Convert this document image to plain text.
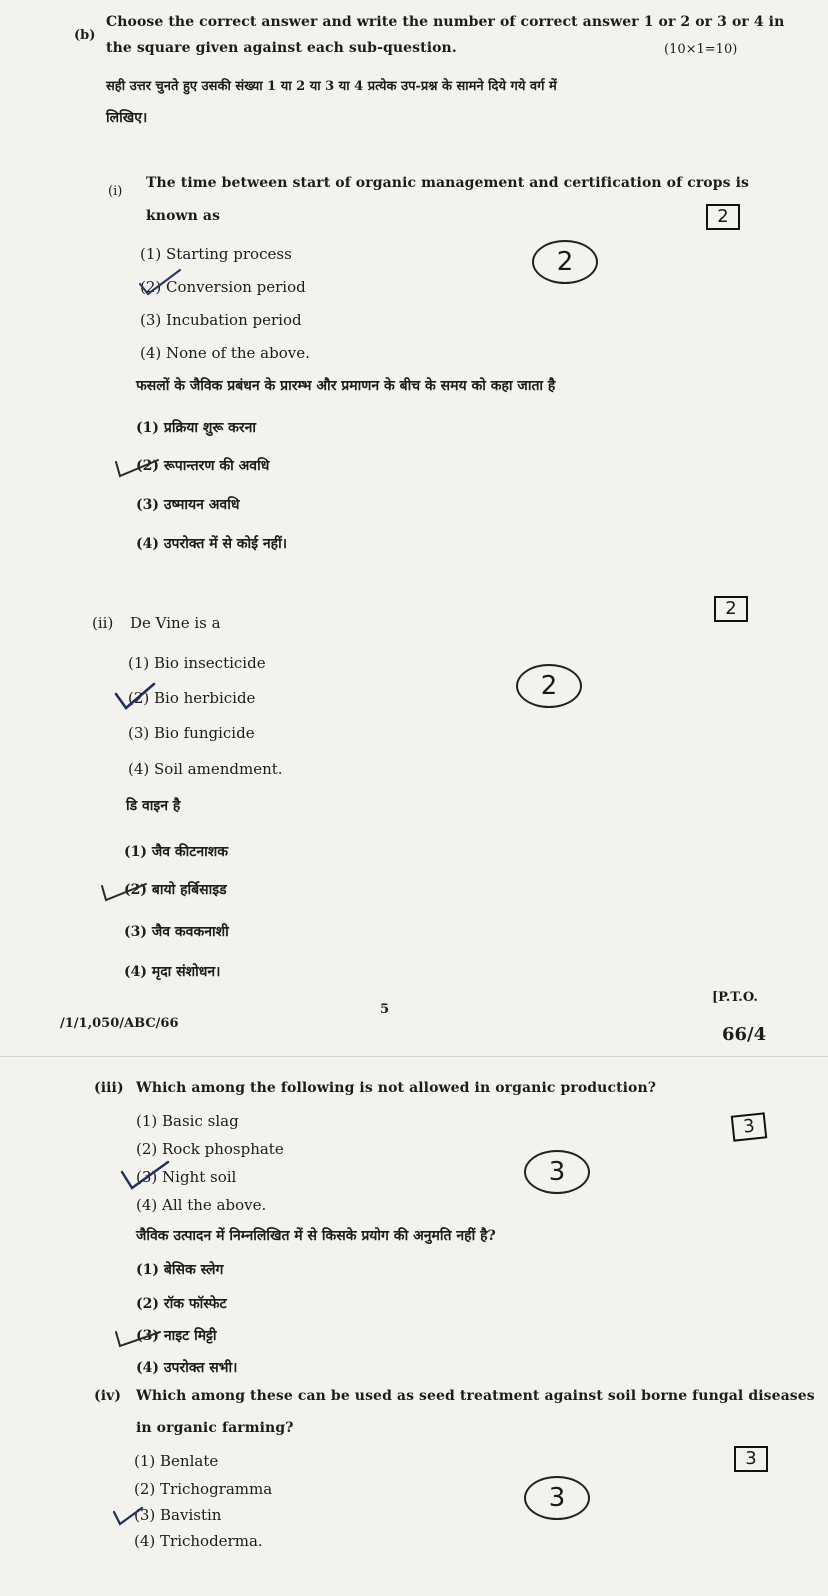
(b)
Choose the correct answer and write the number of correct answer 1 or 2 or 3 or 4 in
the square given against each sub-question.	(10×1=10)
सही उत्तर चुनते हुए उसकी संख्या 1 या 2 या 3 या 4 प्रत्येक उप-प्रश्न के सामने दिये गये वर्ग में
लिखिए।
(i)
The time between start of organic management and certification of crops is
known as	2
2
(1) Starting process
(2) Conversion period
(3) Incubation period
(4) None of the above.
फसलों के जैविक प्रबंधन के प्रारम्भ और प्रमाणन के बीच के समय को कहा जाता है
(1) प्रक्रिया शुरू करना
(2) रूपान्तरण की अवधि
(3) उष्मायन अवधि
(4) उपरोक्त में से कोई नहीं।
(ii) De Vine is a
2
2
(1) Bio insecticide
(2) Bio herbicide
(3) Bio fungicide
(4) Soil amendment.
डि वाइन है
(1) जैव कीटनाशक
(2) बायो हर्बिसाइड
(3) जैव कवकनाशी
(4) मृदा संशोधन।
/1/1,050/ABC/66
5
[P.T.O.
66/4
(iii) Which among the following is not allowed in organic production?
3
3
(1) Basic slag
(2) Rock phosphate
(3) Night soil
(4) All the above.
जैविक उत्पादन में निम्नलिखित में से किसके प्रयोग की अनुमति नहीं है?
(1) बेसिक स्लेग
(2) रॉक फॉस्फेट
(3) नाइट मिट्टी
(4) उपरोक्त सभी।
(iv) Which among these can be used as seed treatment against soil borne fungal diseases
in organic farming?
3
3
(1) Benlate
(2) Trichogramma
(3) Bavistin
(4) Trichoderma.
